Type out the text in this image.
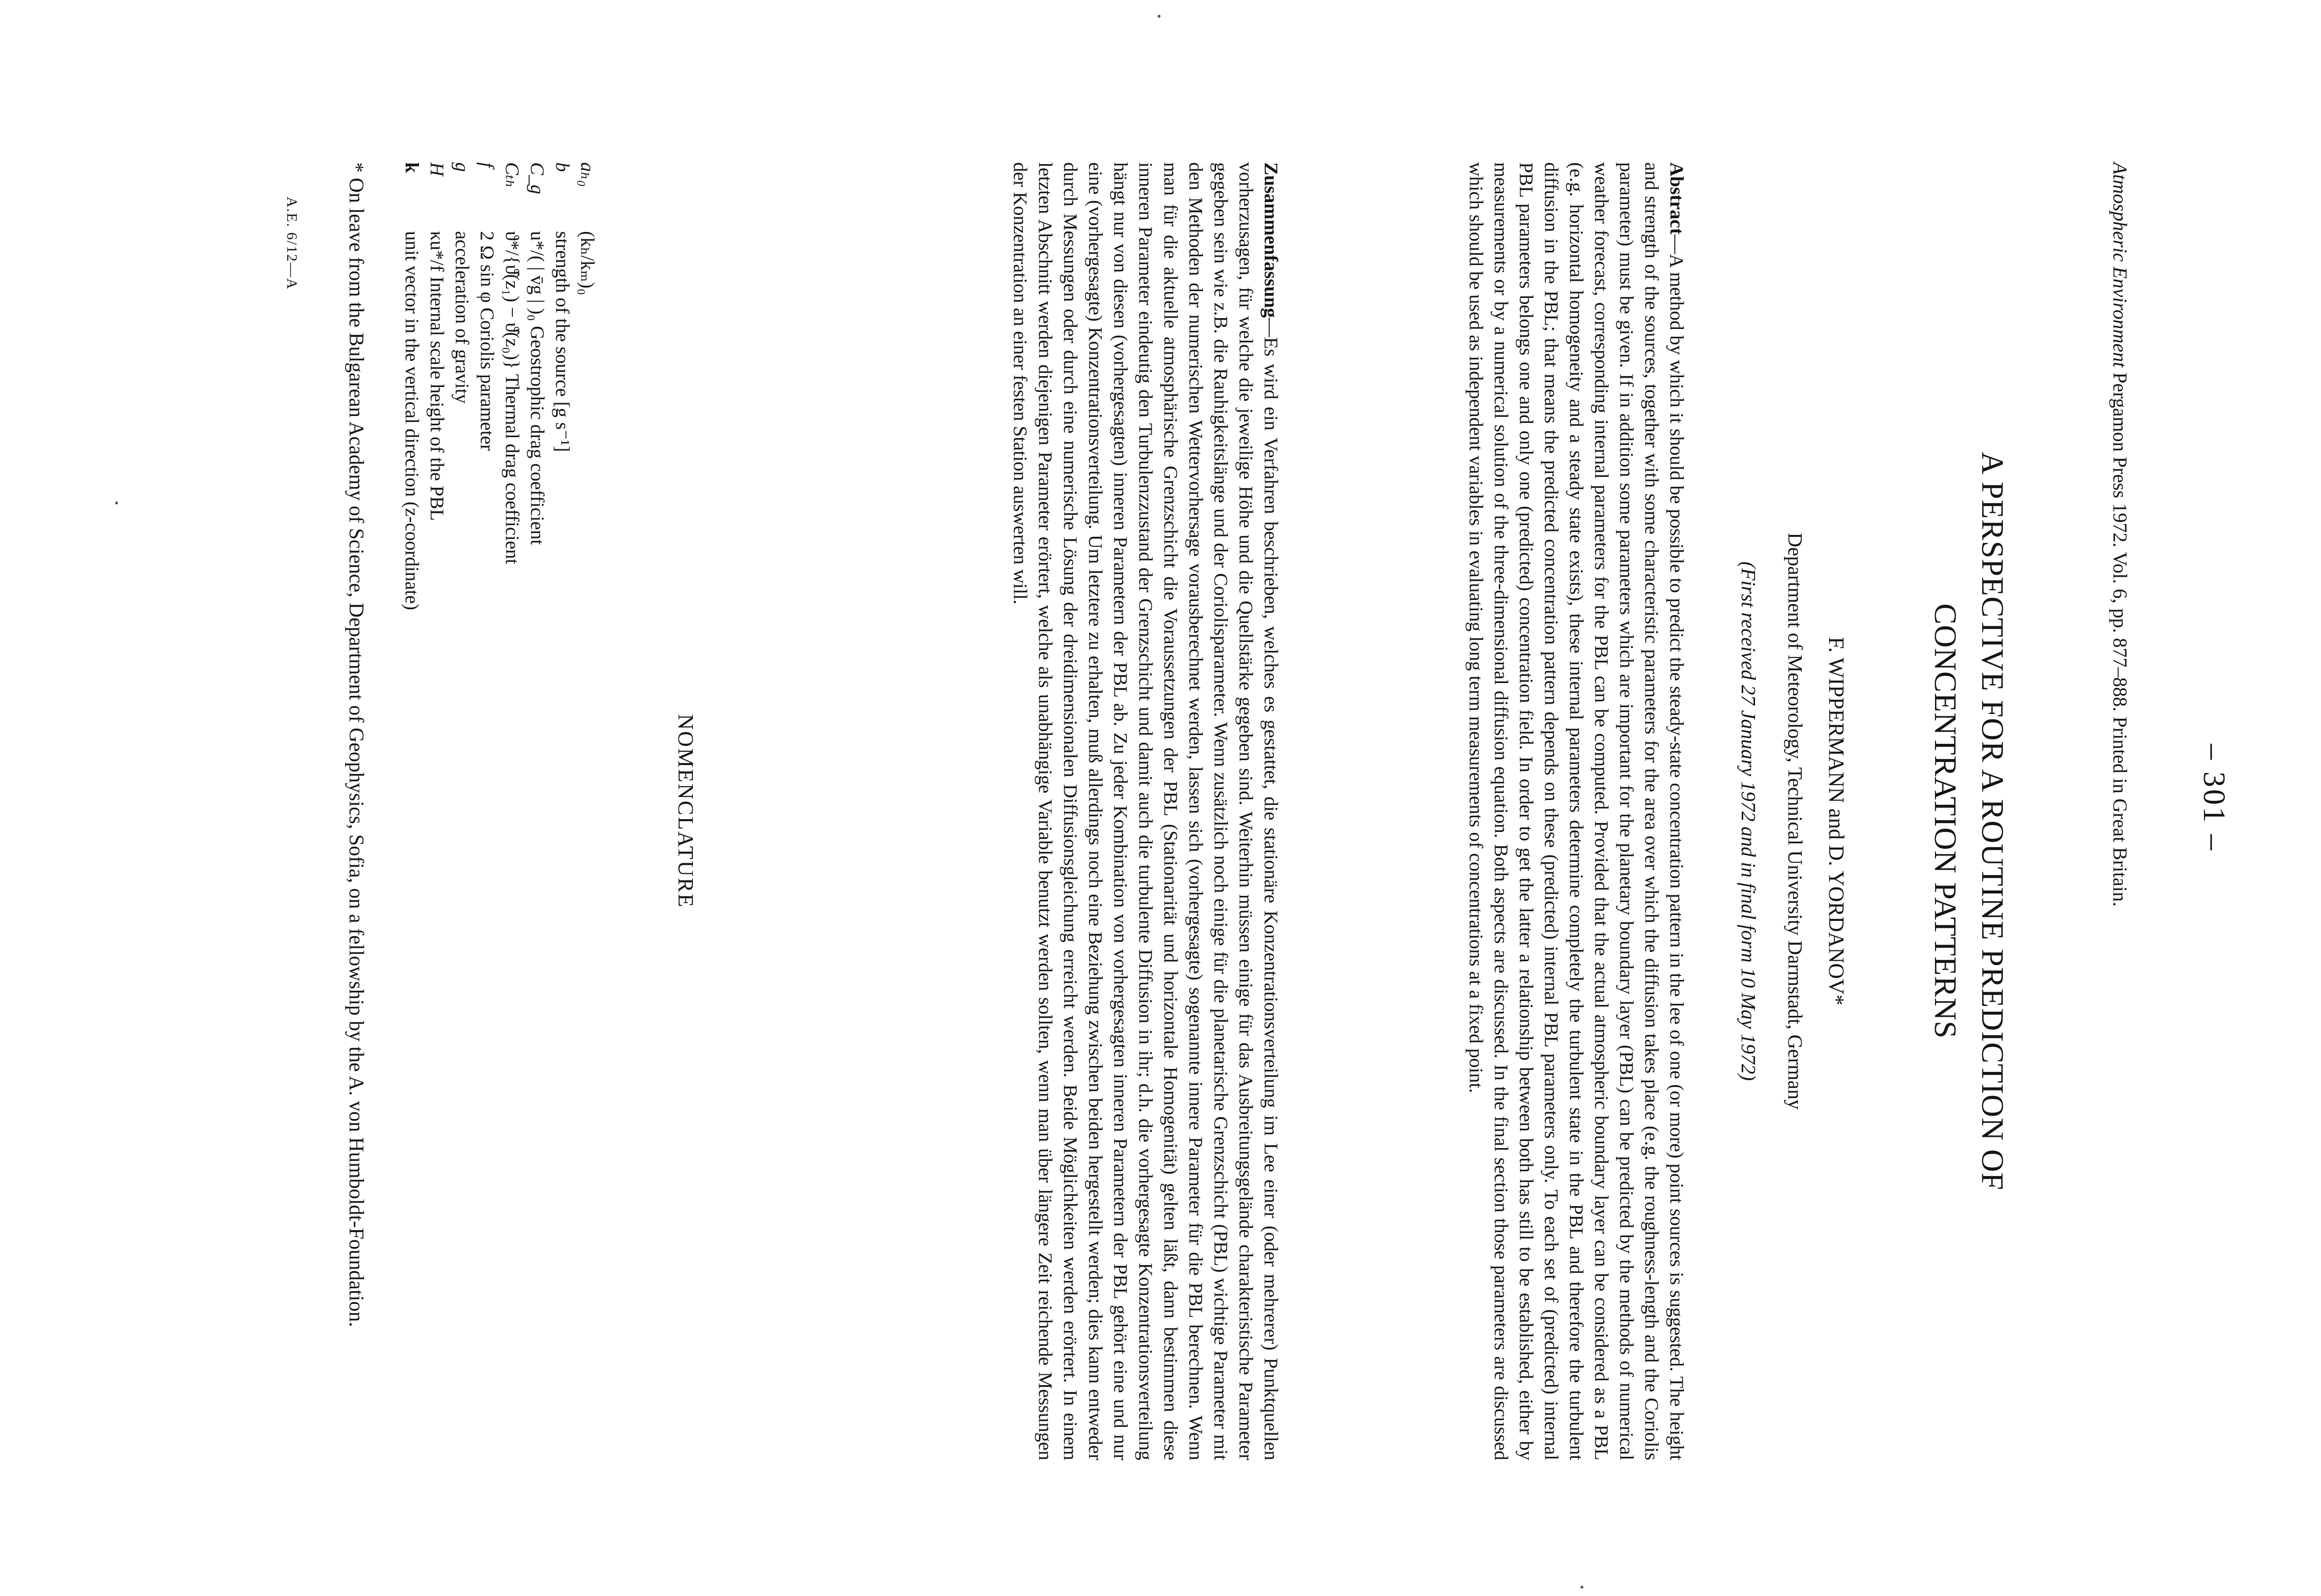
– 301 –
Atmospheric Environment Pergamon Press 1972. Vol. 6, pp. 877–888. Printed in Great Britain.
A PERSPECTIVE FOR A ROUTINE PREDICTION OF
CONCENTRATION PATTERNS
F. WIPPERMANN and D. YORDANOV*
Department of Meteorology, Technical University Darmstadt, Germany
(First received 27 January 1972 and in final form 10 May 1972)
Abstract—A method by which it should be possible to predict the steady-state concentration pattern in the lee of one (or more) point sources is suggested. The height and strength of the sources, together with some characteristic parameters for the area over which the diffusion takes place (e.g. the roughness-length and the Coriolis parameter) must be given. If in addition some parameters which are important for the planetary boundary layer (PBL) can be predicted by the methods of numerical weather forecast, corresponding internal parameters for the PBL can be computed. Provided that the actual atmospheric boundary layer can be considered as a PBL (e.g. horizontal homogeneity and a steady state exists), these internal parameters determine completely the turbulent state in the PBL and therefore the turbulent diffusion in the PBL; that means the predicted concentration pattern depends on these (predicted) internal PBL parameters only. To each set of (predicted) internal PBL parameters belongs one and only one (predicted) concentration field. In order to get the latter a relationship between both has still to be established, either by measurements or by a numerical solution of the three-dimensional diffusion equation. Both aspects are discussed. In the final section those parameters are discussed which should be used as independent variables in evaluating long term measurements of concentrations at a fixed point.
Zusammenfassung—Es wird ein Verfahren beschrieben, welches es gestattet, die stationäre Konzentrationsverteilung im Lee einer (oder mehrerer) Punktquellen vorherzusagen, für welche die jeweilige Höhe und die Quellstärke gegeben sind. Weiterhin müssen einige für das Ausbreitungsgelände charakteristische Parameter gegeben sein wie z.B. die Rauhigkeitslänge und der Coriolisparameter. Wenn zusätzlich noch einige für die planetarische Grenzschicht (PBL) wichtige Parameter mit den Methoden der numerischen Wettervorhersage vorausberechnet werden, lassen sich (vorhergesagte) sogenannte innere Parameter für die PBL berechnen. Wenn man für die aktuelle atmosphärische Grenzschicht die Voraussetzungen der PBL (Stationarität und horizontale Homogenität) gelten läßt, dann bestimmen diese inneren Parameter eindeutig den Turbulenzzustand der Grenzschicht und damit auch die turbulente Diffusion in ihr; d.h. die vorhergesagte Konzentrationsverteilung hängt nur von diesen (vorhergesagten) inneren Parametern der PBL ab. Zu jeder Kombination von vorhergesagten inneren Parametern der PBL gehört eine und nur eine (vorhergesagte) Konzentrationsverteilung. Um letztere zu erhalten, muß allerdings noch eine Beziehung zwischen beiden hergestellt werden; dies kann entweder durch Messungen oder durch eine numerische Lösung der dreidimensionalen Diffusionsgleichung erreicht werden. Beide Möglichkeiten werden erörtert. In einem letzten Abschnitt werden diejenigen Parameter erörtert, welche als unabhängige Variable benutzt werden sollten, wenn man über längere Zeit reichende Messungen der Konzentration an einer festen Station auswerten will.
NOMENCLATURE
aₕ₀
(kₕ/kₘ)₀
b
strength of the source [g s⁻¹]
C_g
u*/( | v̄g | )₀ Geostrophic drag coefficient
Cₜₕ
ϑ*/{ϑ̂(z₁) − ϑ̂(z₀)} Thermal drag coefficient
f
2 Ω sin φ Coriolis parameter
g
acceleration of gravity
H
κu*/f Internal scale height of the PBL
k
unit vector in the vertical direction (z-coordinate)
* On leave from the Bulgarean Academy of Science, Department of Geophysics, Sofia, on a fellowship by the A. von Humboldt-Foundation.
A.E. 6/12—A
